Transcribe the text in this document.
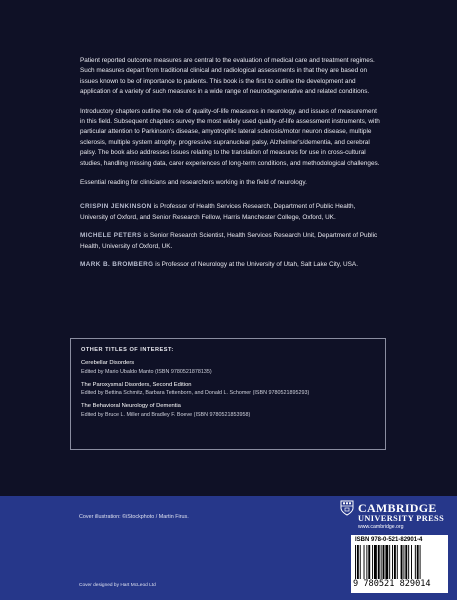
Patient reported outcome measures are central to the evaluation of medical care and treatment regimes. Such measures depart from traditional clinical and radiological assessments in that they are based on issues known to be of importance to patients. This book is the first to outline the development and application of a variety of such measures in a wide range of neurodegenerative and related conditions.

Introductory chapters outline the role of quality-of-life measures in neurology, and issues of measurement in this field. Subsequent chapters survey the most widely used quality-of-life assessment instruments, with particular attention to Parkinson's disease, amyotrophic lateral sclerosis/motor neuron disease, multiple sclerosis, multiple system atrophy, progressive supranuclear palsy, Alzheimer's/dementia, and cerebral palsy. The book also addresses issues relating to the translation of measures for use in cross-cultural studies, handling missing data, carer experiences of long-term conditions, and methodological challenges.

Essential reading for clinicians and researchers working in the field of neurology.

CRISPIN JENKINSON is Professor of Health Services Research, Department of Public Health, University of Oxford, and Senior Research Fellow, Harris Manchester College, Oxford, UK.

MICHELE PETERS is Senior Research Scientist, Health Services Research Unit, Department of Public Health, University of Oxford, UK.

MARK B. BROMBERG is Professor of Neurology at the University of Utah, Salt Lake City, USA.

OTHER TITLES OF INTEREST:
Cerebellar Disorders
Edited by Mario Ubaldo Manto (ISBN 9780521878135)
The Paroxysmal Disorders, Second Edition
Edited by Bettina Schmitz, Barbara Tettenborn, and Donald L. Schomer (ISBN 9780521895293)
The Behavioral Neurology of Dementia
Edited by Bruce L. Miller and Bradley F. Boeve (ISBN 9780521853958)
Cover illustration: ©iStockphoto / Martin Firus.
Cover designed by Hart McLeod Ltd
CAMBRIDGE
UNIVERSITY PRESS
www.cambridge.org
ISBN 978-0-521-82901-4
9 780521 829014
